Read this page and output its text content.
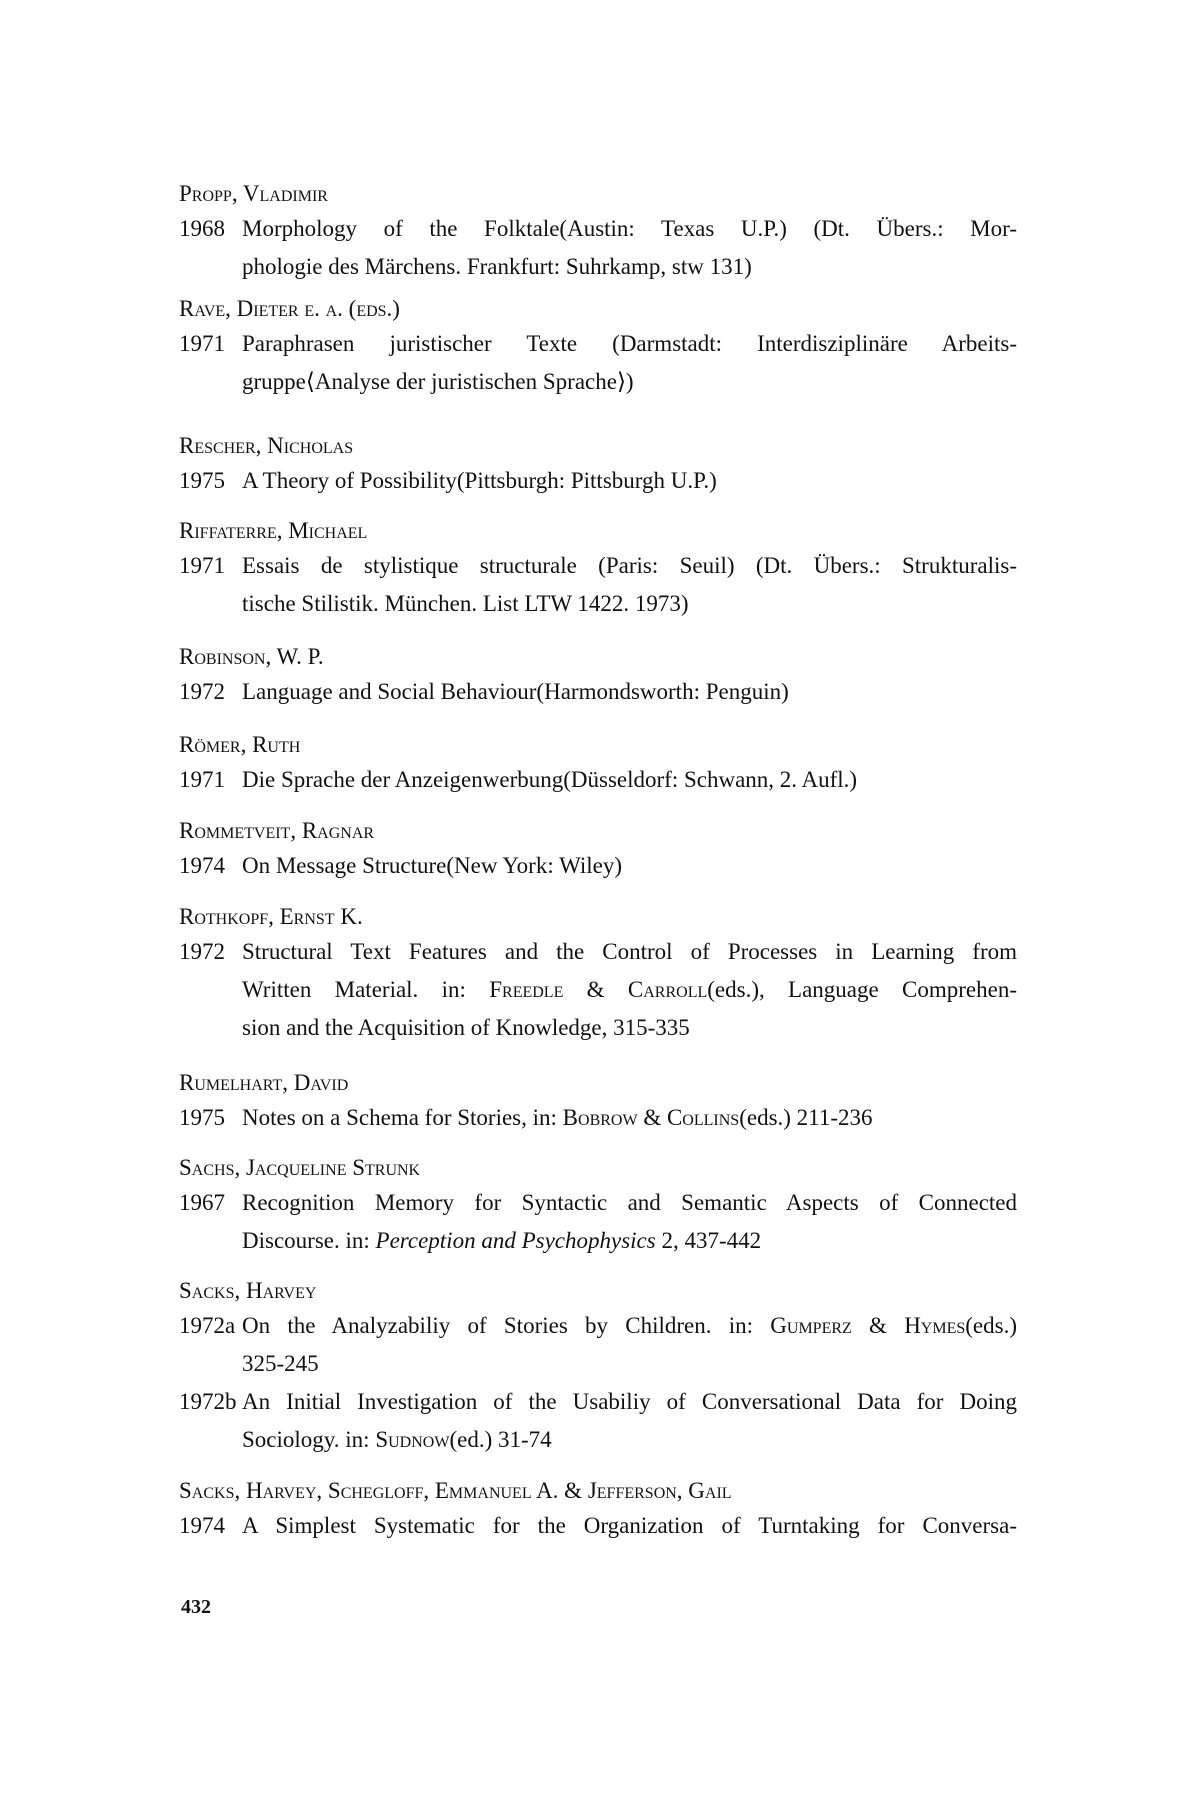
Propp, Vladimir
1968 Morphology of the Folktale(Austin: Texas U.P.) (Dt. Übers.: Mor-
phologie des Märchens. Frankfurt: Suhrkamp, stw 131)
Rave, Dieter e. a. (eds.)
1971 Paraphrasen juristischer Texte (Darmstadt: Interdisziplinäre Arbeits-
gruppe⟨Analyse der juristischen Sprache⟩)
Rescher, Nicholas
1975 A Theory of Possibility(Pittsburgh: Pittsburgh U.P.)
Riffaterre, Michael
1971 Essais de stylistique structurale (Paris: Seuil) (Dt. Übers.: Strukturalis-
tische Stilistik. München. List LTW 1422. 1973)
Robinson, W. P.
1972 Language and Social Behaviour(Harmondsworth: Penguin)
Römer, Ruth
1971 Die Sprache der Anzeigenwerbung(Düsseldorf: Schwann, 2. Aufl.)
Rommetveit, Ragnar
1974 On Message Structure(New York: Wiley)
Rothkopf, Ernst K.
1972 Structural Text Features and the Control of Processes in Learning from
Written Material. in: Freedle & Carroll(eds.), Language Comprehen-
sion and the Acquisition of Knowledge, 315-335
Rumelhart, David
1975 Notes on a Schema for Stories, in: Bobrow & Collins(eds.) 211-236
Sachs, Jacqueline Strunk
1967 Recognition Memory for Syntactic and Semantic Aspects of Connected
Discourse. in: Perception and Psychophysics 2, 437-442
Sacks, Harvey
1972a On the Analyzabiliy of Stories by Children. in: Gumperz & Hymes(eds.)
325-245
1972b An Initial Investigation of the Usabiliy of Conversational Data for Doing
Sociology. in: Sudnow(ed.) 31-74
Sacks, Harvey, Schegloff, Emmanuel A. & Jefferson, Gail
1974 A Simplest Systematic for the Organization of Turntaking for Conversa-
432
